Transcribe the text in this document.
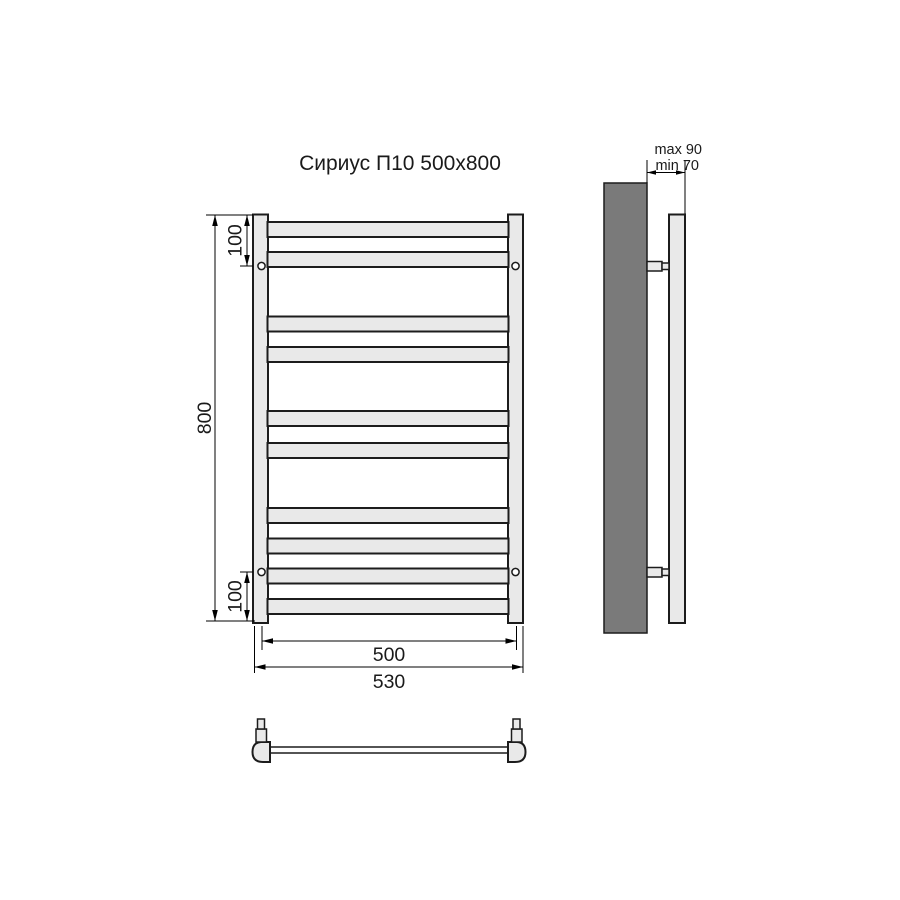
Сириус П10 500x800
800
100
100
500
530
max 90
min 70
